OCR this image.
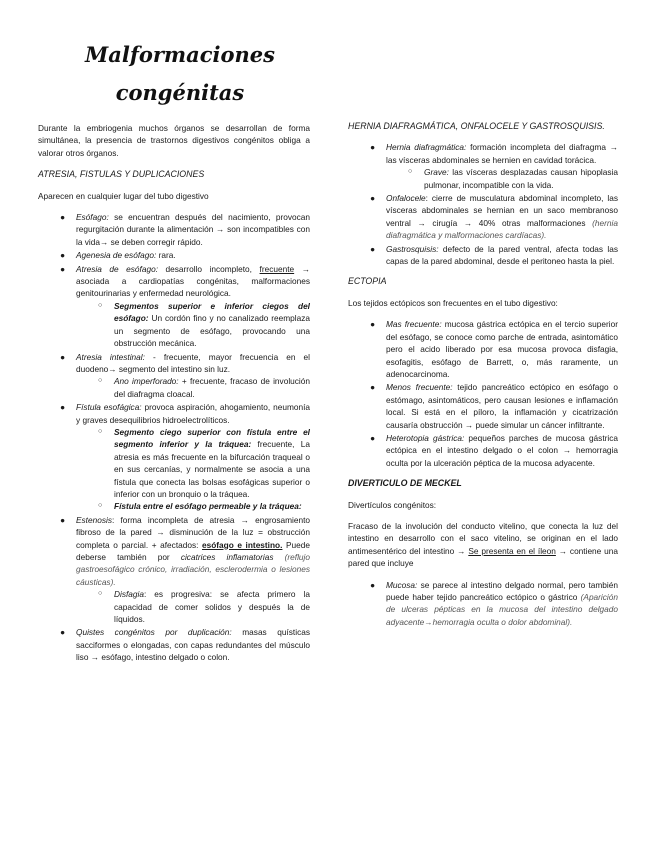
Malformaciones
congénitas

Durante la embriogenia muchos órganos se desarrollan de forma simultánea, la presencia de trastornos digestivos congénitos obliga a valorar otros órganos.

ATRESIA, FISTULAS Y DUPLICACIONES

Aparecen en cualquier lugar del tubo digestivo

● Esófago: se encuentran después del nacimiento, provocan regurgitación durante la alimentación → son incompatibles con la vida→ se deben corregir rápido.
● Agenesia de esófago: rara.
● Atresia de esófago: desarrollo incompleto, frecuente → asociada a cardiopatías congénitas, malformaciones genitourinarias y enfermedad neurológica.
○ Segmentos superior e inferior ciegos del esófago: Un cordón fino y no canalizado reemplaza un segmento de esófago, provocando una obstrucción mecánica.
● Atresia intestinal: - frecuente, mayor frecuencia en el duodeno→ segmento del intestino sin luz.
○ Ano imperforado: + frecuente, fracaso de involución del diafragma cloacal.
● Fístula esofágica: provoca aspiración, ahogamiento, neumonía y graves desequilibrios hidroelectrolíticos.
○ Segmento ciego superior con fístula entre el segmento inferior y la tráquea: frecuente, La atresia es más frecuente en la bifurcación traqueal o en sus cercanías, y normalmente se asocia a una fístula que conecta las bolsas esofágicas superior o inferior con un bronquio o la tráquea.
○ Fístula entre el esófago permeable y la tráquea:
● Estenosis: forma incompleta de atresia → engrosamiento fibroso de la pared → disminución de la luz = obstrucción completa o parcial. + afectados: esófago e intestino. Puede deberse también por cicatrices inflamatorias (reflujo gastroesofágico crónico, irradiación, esclerodermia o lesiones cáusticas).
○ Disfagia: es progresiva: se afecta primero la capacidad de comer solidos y después la de líquidos.
● Quistes congénitos por duplicación: masas quísticas sacciformes o elongadas, con capas redundantes del músculo liso → esófago, intestino delgado o colon.
HERNIA DIAFRAGMÁTICA, ONFALOCELE Y GASTROSQUISIS.
● Hernia diafragmática: formación incompleta del diafragma → las vísceras abdominales se hernien en cavidad torácica.
○ Grave: las vísceras desplazadas causan hipoplasia pulmonar, incompatible con la vida.
● Onfalocele: cierre de musculatura abdominal incompleto, las vísceras abdominales se hernian en un saco membranoso ventral → cirugía → 40% otras malformaciones (hernia diafragmática y malformaciones cardíacas).
● Gastrosquisis: defecto de la pared ventral, afecta todas las capas de la pared abdominal, desde el peritoneo hasta la piel.
ECTOPIA

Los tejidos ectópicos son frecuentes en el tubo digestivo:

● Mas frecuente: mucosa gástrica ectópica en el tercio superior del esófago, se conoce como parche de entrada, asintomático pero el acido liberado por esa mucosa provoca disfagia, esofagitis, esófago de Barrett, o, más raramente, un adenocarcinoma.
● Menos frecuente: tejido pancreático ectópico en esófago o estómago, asintomáticos, pero causan lesiones e inflamación local. Si está en el píloro, la inflamación y cicatrización causaría obstrucción → puede simular un cáncer infiltrante.
● Heterotopia gástrica: pequeños parches de mucosa gástrica ectópica en el intestino delgado o el colon → hemorragia oculta por la ulceración péptica de la mucosa adyacente.
DIVERTICULO DE MECKEL

Divertículos congénitos:

Fracaso de la involución del conducto vitelino, que conecta la luz del intestino en desarrollo con el saco vitelino, se originan en el lado antimesentérico del intestino → Se presenta en el íleon → contiene una pared que incluye

● Mucosa: se parece al intestino delgado normal, pero también puede haber tejido pancreático ectópico o gástrico (Aparición de ulceras pépticas en la mucosa del intestino delgado adyacente→hemorragia oculta o dolor abdominal).
